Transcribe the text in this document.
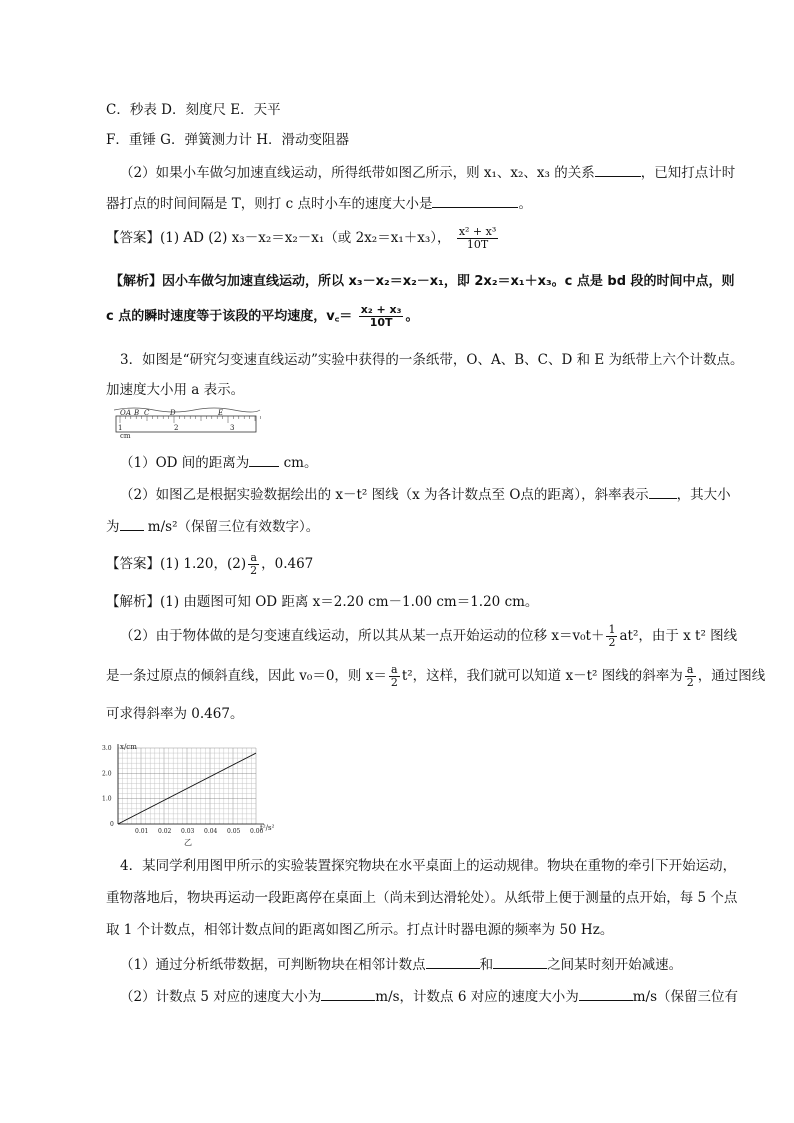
C．秒表 D．刻度尺 E．天平
F．重锤 G．弹簧测力计 H．滑动变阻器
（2）如果小车做匀加速直线运动，所得纸带如图乙所示，则 x₁、x₂、x₃ 的关系	，已知打点计时
器打点的时间间隔是 T，则打 c 点时小车的速度大小是	。
【答案】(1) AD (2) x₃－x₂＝x₂－x₁（或 2x₂＝x₁＋x₃）， $\frac{\text{x² + x³}}{10T}$
【解析】因小车做匀加速直线运动，所以 x₃－x₂＝x₂－x₁，即 2x₂＝x₁＋x₃。c 点是 bd 段的时间中点，则
c 点的瞬时速度等于该段的平均速度，v꜀＝ $\frac{\text{x₂ + x₃}}{10T}$ 。
3．如图是“研究匀变速直线运动”实验中获得的一条纸带，O、A、B、C、D 和 E 为纸带上六个计数点。
加速度大小用 a 表示。
O A B C	D	E
cm
1	2	3
（1）OD 间的距离为	cm。
（2）如图乙是根据实验数据绘出的 x－t² 图线（x 为各计数点至 O点的距离），斜率表示 ，其大小
为 m/s²（保留三位有效数字）。
【答案】(1) 1.20，$(2) \frac{a}{2}$ ，0.467
【解析】(1) 由题图可知 OD 距离 x＝2.20 cm－1.00 cm＝1.20 cm。
（2）由于物体做的是匀变速直线运动，所以其从某一点开始运动的位移 $x=v_0t+ \frac{1}{2} at^2$，由于 x t² 图线
是一条过原点的倾斜直线，因此 v₀＝0，则 $x= \frac{a}{2} t^2$，这样，我们就可以知道 x－t² 图线的斜率为 $\frac{a}{2}$ ，通过图线
可求得斜率为 0.467。
0.01 0.02 0.03 0.04 0.05 0.06
0
1.0
2.0
3.0 x/cm
t²/s²
乙
4．某同学利用图甲所示的实验装置探究物块在水平桌面上的运动规律。物块在重物的牵引下开始运动，
重物落地后，物块再运动一段距离停在桌面上（尚未到达滑轮处）。从纸带上便于测量的点开始，每 5 个点
取 1 个计数点，相邻计数点间的距离如图乙所示。打点计时器电源的频率为 50 Hz。
（1）通过分析纸带数据，可判断物块在相邻计数点	和	之间某时刻开始减速。
（2）计数点 5 对应的速度大小为	m/s，计数点 6 对应的速度大小为	m/s（保留三位有
